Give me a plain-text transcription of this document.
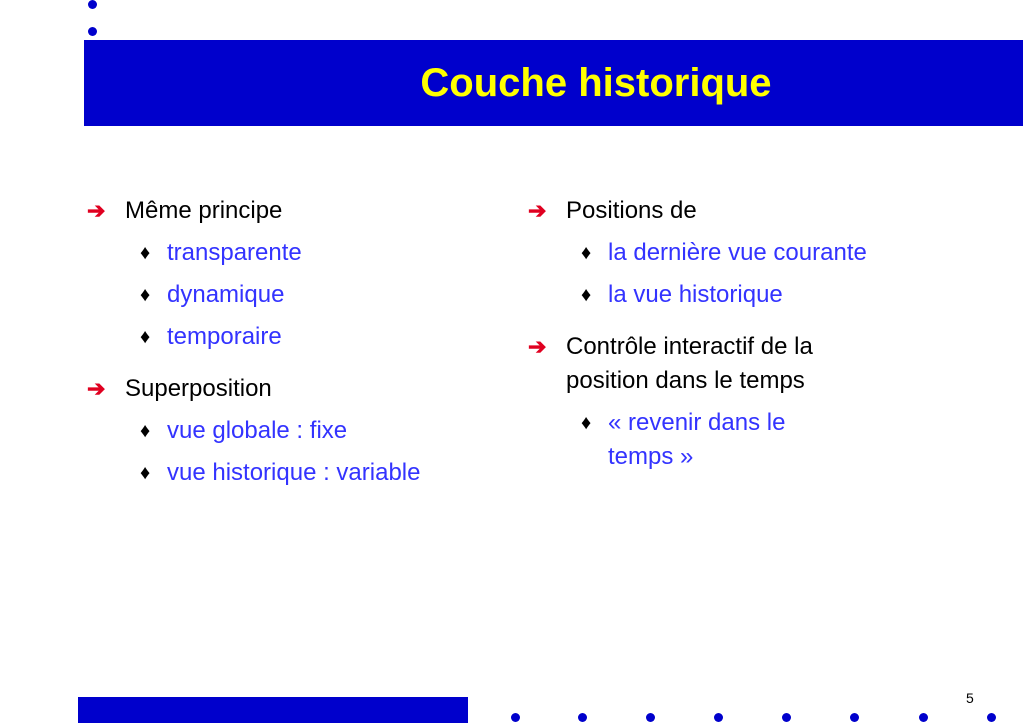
Couche historique
➔ Même principe
♦ transparente
♦ dynamique
♦ temporaire
➔ Superposition
♦ vue globale : fixe
♦ vue historique : variable
➔ Positions de
♦ la dernière vue courante
♦ la vue historique
➔ Contrôle interactif de la position dans le temps
♦ « revenir dans le temps »
5
